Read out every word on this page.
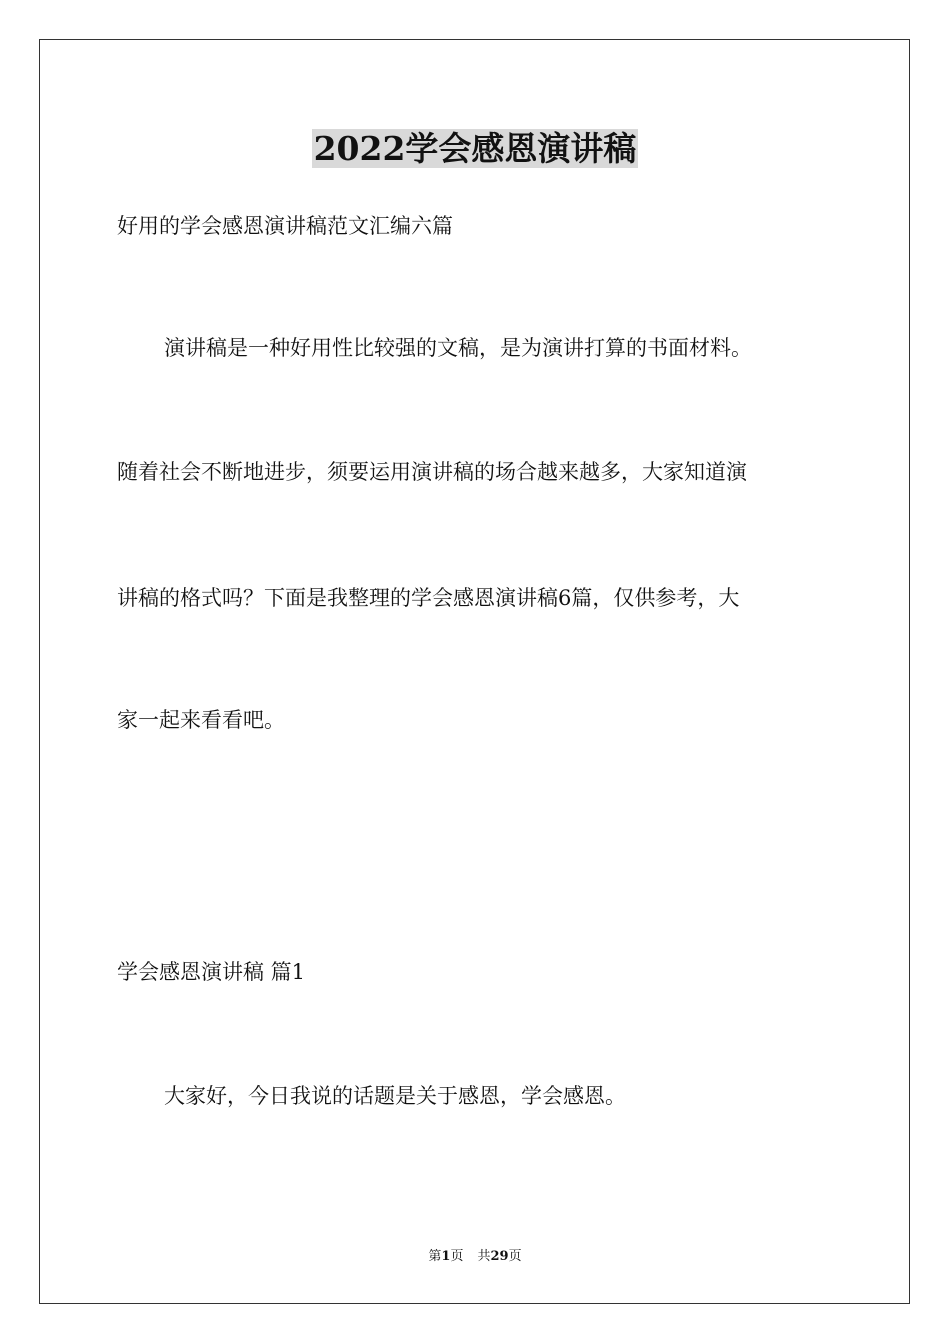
2022学会感恩演讲稿
好用的学会感恩演讲稿范文汇编六篇
演讲稿是一种好用性比较强的文稿，是为演讲打算的书面材料。
随着社会不断地进步，须要运用演讲稿的场合越来越多，大家知道演
讲稿的格式吗？下面是我整理的学会感恩演讲稿6篇，仅供参考，大
家一起来看看吧。
学会感恩演讲稿 篇1
大家好，今日我说的话题是关于感恩，学会感恩。
第1页 共29页
